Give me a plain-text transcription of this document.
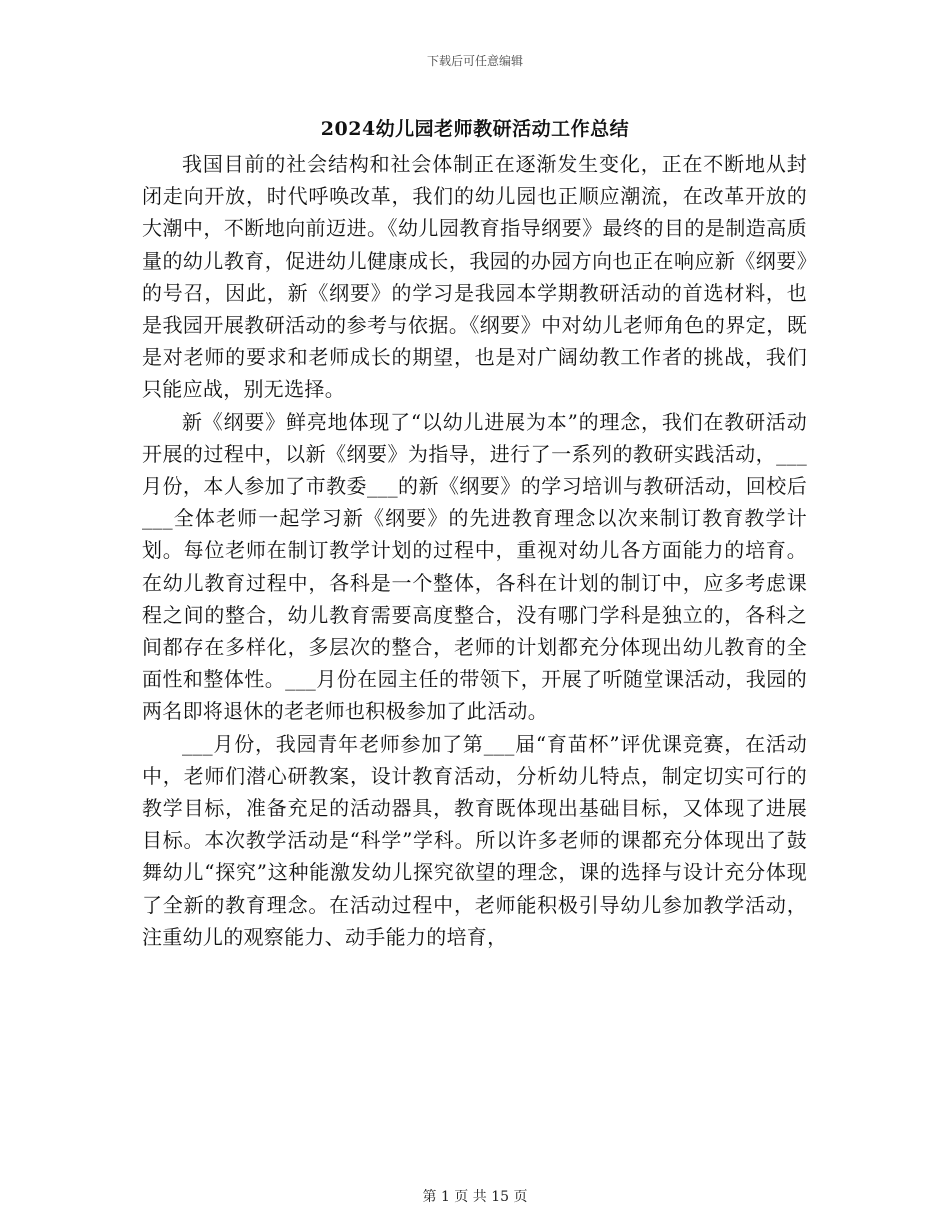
下载后可任意编辑
2024幼儿园老师教研活动工作总结

我国目前的社会结构和社会体制正在逐渐发生变化，正在不断地从封闭走向开放，时代呼唤改革，我们的幼儿园也正顺应潮流，在改革开放的大潮中，不断地向前迈进。《幼儿园教育指导纲要》最终的目的是制造高质量的幼儿教育，促进幼儿健康成长，我园的办园方向也正在响应新《纲要》的号召，因此，新《纲要》的学习是我园本学期教研活动的首选材料，也是我园开展教研活动的参考与依据。《纲要》中对幼儿老师角色的界定，既是对老师的要求和老师成长的期望，也是对广阔幼教工作者的挑战，我们只能应战，别无选择。

新《纲要》鲜亮地体现了“以幼儿进展为本”的理念，我们在教研活动开展的过程中，以新《纲要》为指导，进行了一系列的教研实践活动，___月份，本人参加了市教委___的新《纲要》的学习培训与教研活动，回校后___全体老师一起学习新《纲要》的先进教育理念以次来制订教育教学计划。每位老师在制订教学计划的过程中，重视对幼儿各方面能力的培育。在幼儿教育过程中，各科是一个整体，各科在计划的制订中，应多考虑课程之间的整合，幼儿教育需要高度整合，没有哪门学科是独立的，各科之间都存在多样化，多层次的整合，老师的计划都充分体现出幼儿教育的全面性和整体性。___月份在园主任的带领下，开展了听随堂课活动，我园的两名即将退休的老老师也积极参加了此活动。

___月份，我园青年老师参加了第___届“育苗杯”评优课竞赛，在活动中，老师们潜心研教案，设计教育活动，分析幼儿特点，制定切实可行的教学目标，准备充足的活动器具，教育既体现出基础目标，又体现了进展目标。本次教学活动是“科学”学科。所以许多老师的课都充分体现出了鼓舞幼儿“探究”这种能激发幼儿探究欲望的理念，课的选择与设计充分体现了全新的教育理念。在活动过程中，老师能积极引导幼儿参加教学活动，注重幼儿的观察能力、动手能力的培育，

第 1 页 共 15 页
